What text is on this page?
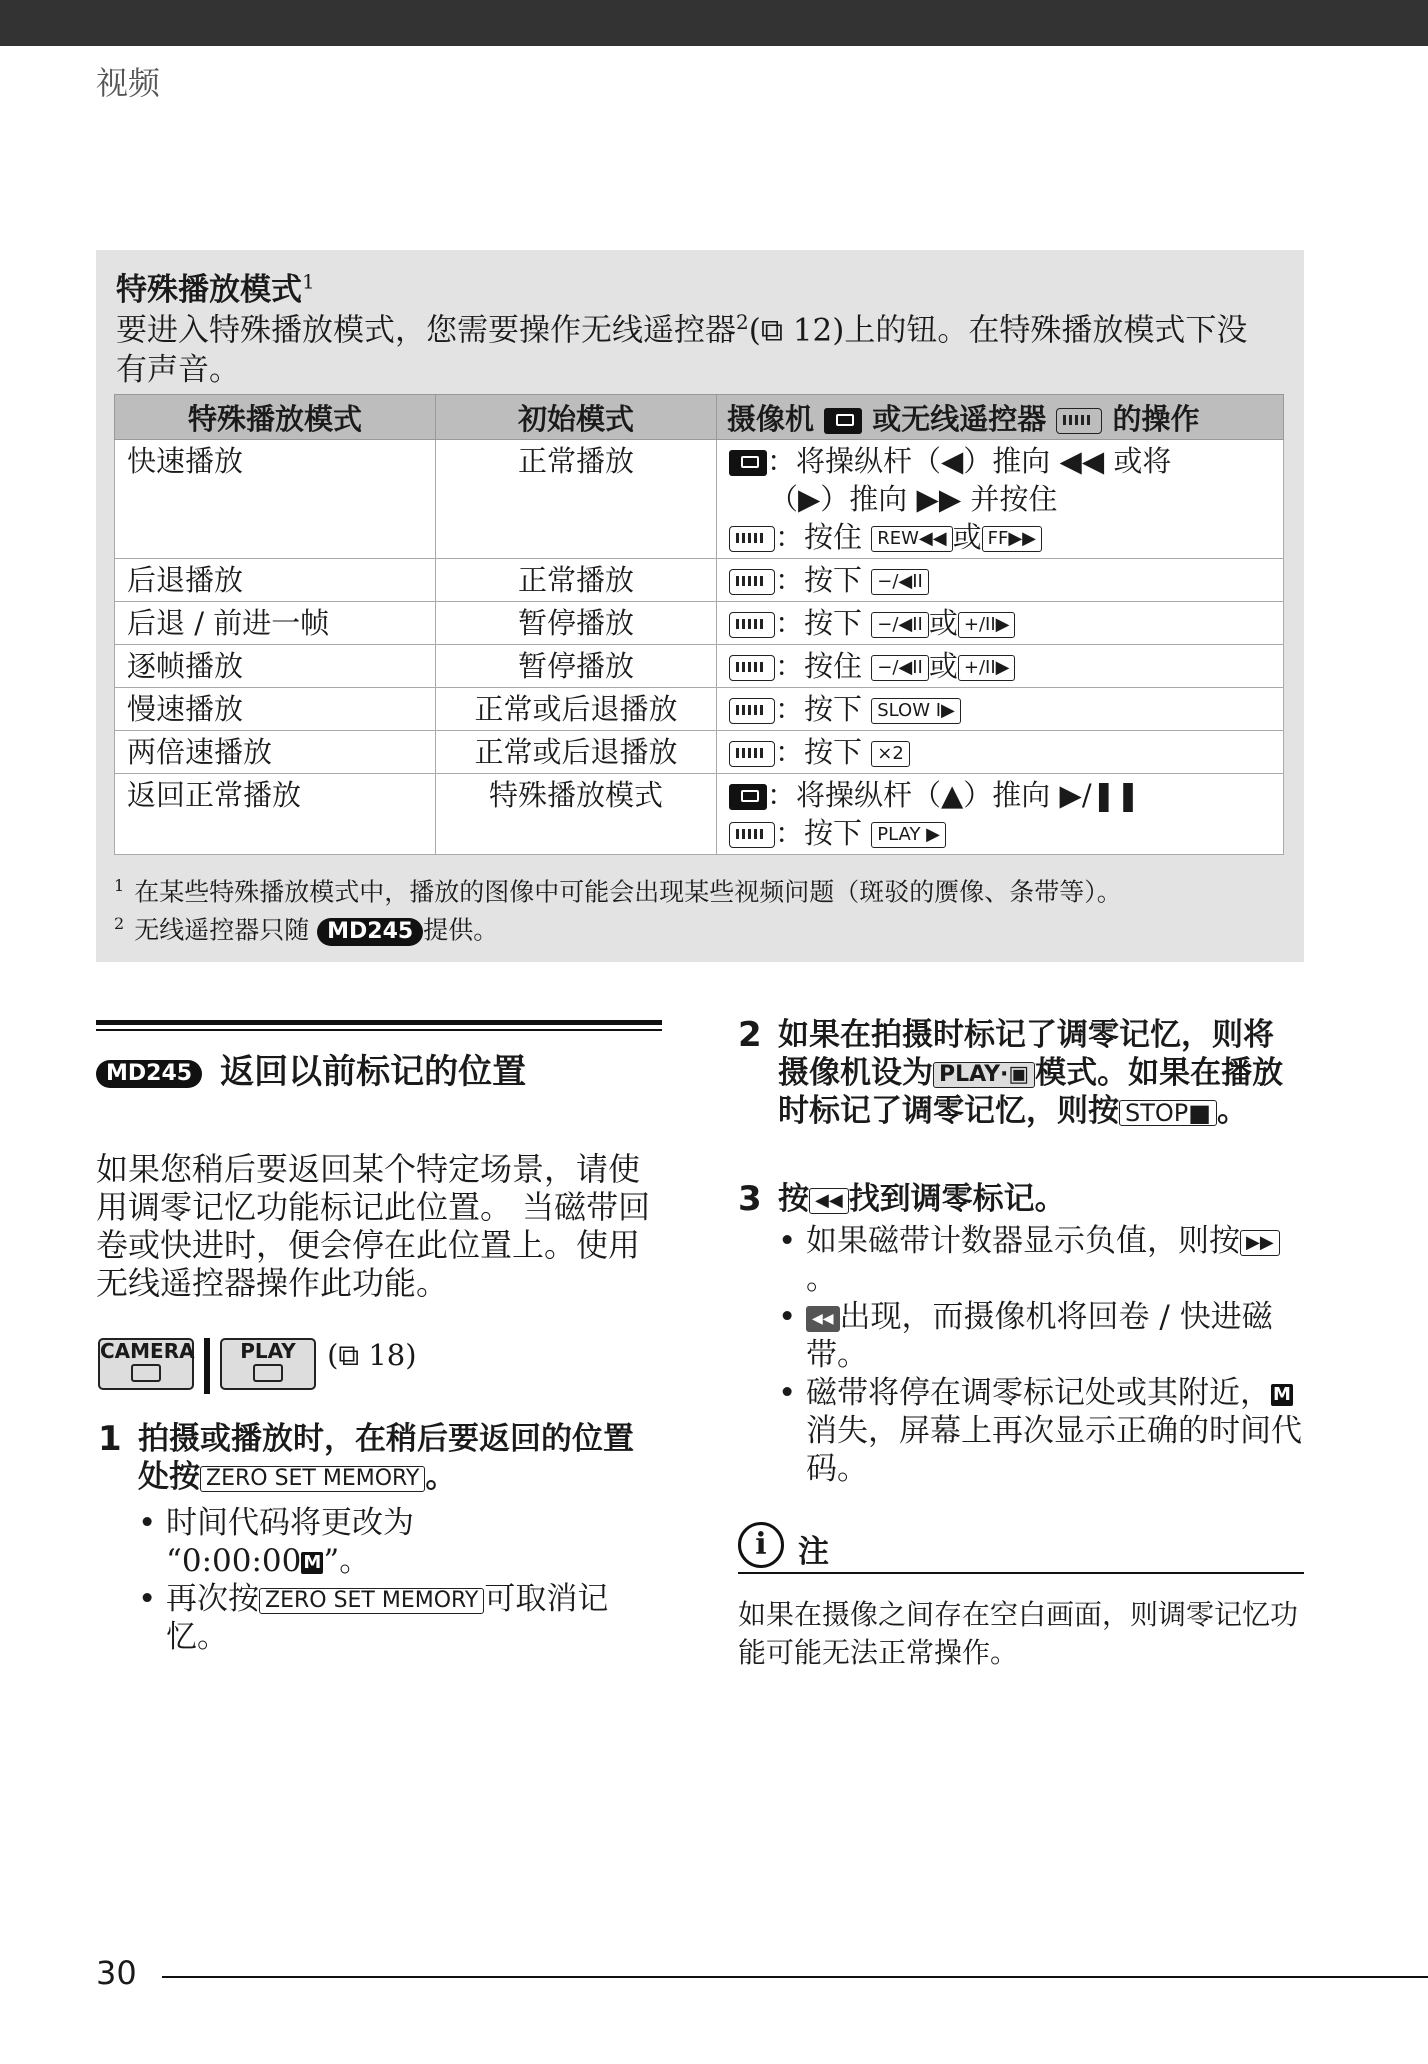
视频
特殊播放模式$^1$
要进入特殊播放模式，您需要操作无线遥控器$^2$(⧉ 12)上的钮。在特殊播放模式下没有声音。
特殊播放模式	初始模式	摄像机 或无线遥控器 的操作
快速播放	正常播放	：将操纵杆（◀）推向 ◀◀ 或将
（▶）推向 ▶▶ 并按住
：按住 REW◀◀ 或 FF▶▶

后退播放	正常播放	：按下 −/◀II

后退 / 前进一帧	暂停播放	：按下 −/◀II 或 +/II▶

逐帧播放	暂停播放	：按住 −/◀II 或 +/II▶

慢速播放	正常或后退播放	：按下 SLOW I▶

两倍速播放	正常或后退播放	：按下 ×2

返回正常播放	特殊播放模式	：将操纵杆（▲）推向 ▶/❚❚
：按下 PLAY ▶
$^1$ 在某些特殊播放模式中，播放的图像中可能会出现某些视频问题（斑驳的赝像、条带等）。
$^2$ 无线遥控器只随 MD245 提供。
MD245 返回以前标记的位置
如果您稍后要返回某个特定场景，请使用调零记忆功能标记此位置。 当磁带回卷或快进时，便会停在此位置上。使用无线遥控器操作此功能。
CAMERA PLAY (⧉ 18)
1 拍摄或播放时，在稍后要返回的位置处按 ZERO SET MEMORY 。
• 时间代码将更改为
“0:00:00 M”。
• 再次按 ZERO SET MEMORY 可取消记忆。
2 如果在拍摄时标记了调零记忆，则将摄像机设为 PLAY·▣ 模式。如果在播放时标记了调零记忆，则按 STOP■ 。
3 按 ◀◀ 找到调零标记。
• 如果磁带计数器显示负值，则按 ▶▶。
• ◀◀ 出现，而摄像机将回卷 / 快进磁带。
• 磁带将停在调零标记处或其附近， M消失，屏幕上再次显示正确的时间代码。
i	注
如果在摄像之间存在空白画面，则调零记忆功能可能无法正常操作。
30
